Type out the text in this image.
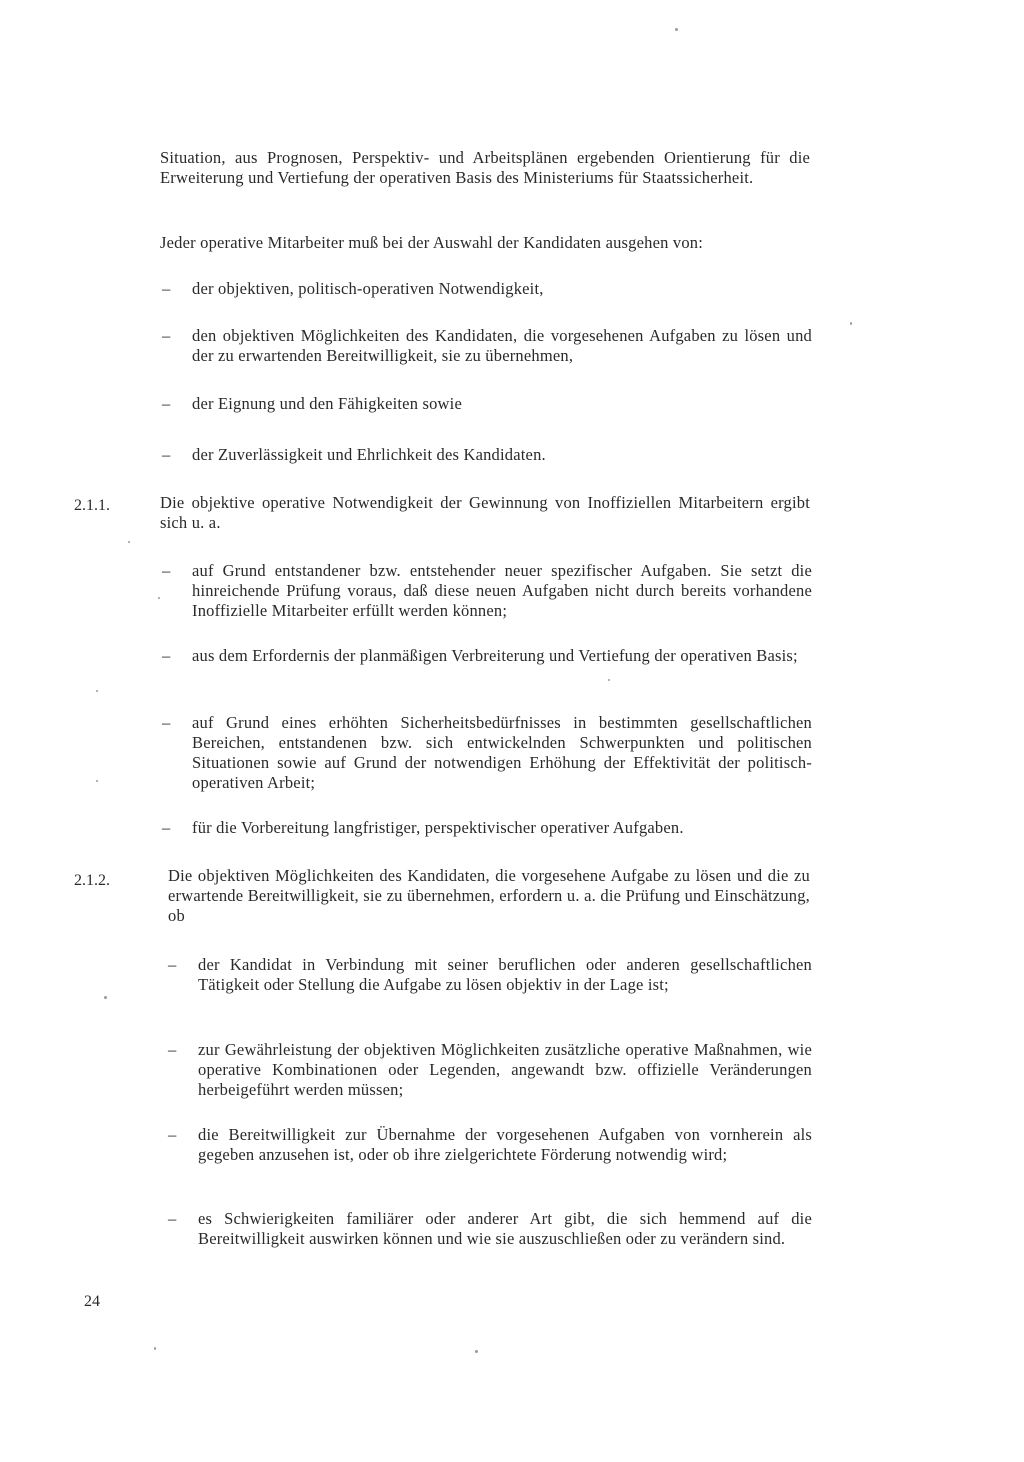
Situation, aus Prognosen, Perspektiv- und Arbeitsplänen ergebenden Orientierung für die Erweiterung und Vertiefung der operativen Basis des Ministeriums für Staatssicherheit.

Jeder operative Mitarbeiter muß bei der Auswahl der Kandidaten ausgehen von:

–	der objektiven, politisch-operativen Notwendigkeit,
–	den objektiven Möglichkeiten des Kandidaten, die vorgesehenen Aufgaben zu lösen und der zu erwartenden Bereitwilligkeit, sie zu übernehmen,
–	der Eignung und den Fähigkeiten sowie
–	der Zuverlässigkeit und Ehrlichkeit des Kandidaten.

2.1.1.	Die objektive operative Notwendigkeit der Gewinnung von Inoffiziellen Mitarbeitern ergibt sich u. a.

–	auf Grund entstandener bzw. entstehender neuer spezifischer Aufgaben. Sie setzt die hinreichende Prüfung voraus, daß diese neuen Aufgaben nicht durch bereits vorhandene Inoffizielle Mitarbeiter erfüllt werden können;
–	aus dem Erfordernis der planmäßigen Verbreiterung und Vertiefung der operativen Basis;
–	auf Grund eines erhöhten Sicherheitsbedürfnisses in bestimmten gesellschaftlichen Bereichen, entstandenen bzw. sich entwickelnden Schwerpunkten und politischen Situationen sowie auf Grund der notwendigen Erhöhung der Effektivität der politisch-operativen Arbeit;
–	für die Vorbereitung langfristiger, perspektivischer operativer Aufgaben.

2.1.2.	Die objektiven Möglichkeiten des Kandidaten, die vorgesehene Aufgabe zu lösen und die zu erwartende Bereitwilligkeit, sie zu übernehmen, erfordern u. a. die Prüfung und Einschätzung, ob

–	der Kandidat in Verbindung mit seiner beruflichen oder anderen gesellschaftlichen Tätigkeit oder Stellung die Aufgabe zu lösen objektiv in der Lage ist;
–	zur Gewährleistung der objektiven Möglichkeiten zusätzliche operative Maßnahmen, wie operative Kombinationen oder Legenden, angewandt bzw. offizielle Veränderungen herbeigeführt werden müssen;
–	die Bereitwilligkeit zur Übernahme der vorgesehenen Aufgaben von vornherein als gegeben anzusehen ist, oder ob ihre zielgerichtete Förderung notwendig wird;
–	es Schwierigkeiten familiärer oder anderer Art gibt, die sich hemmend auf die Bereitwilligkeit auswirken können und wie sie auszuschließen oder zu verändern sind.

24
